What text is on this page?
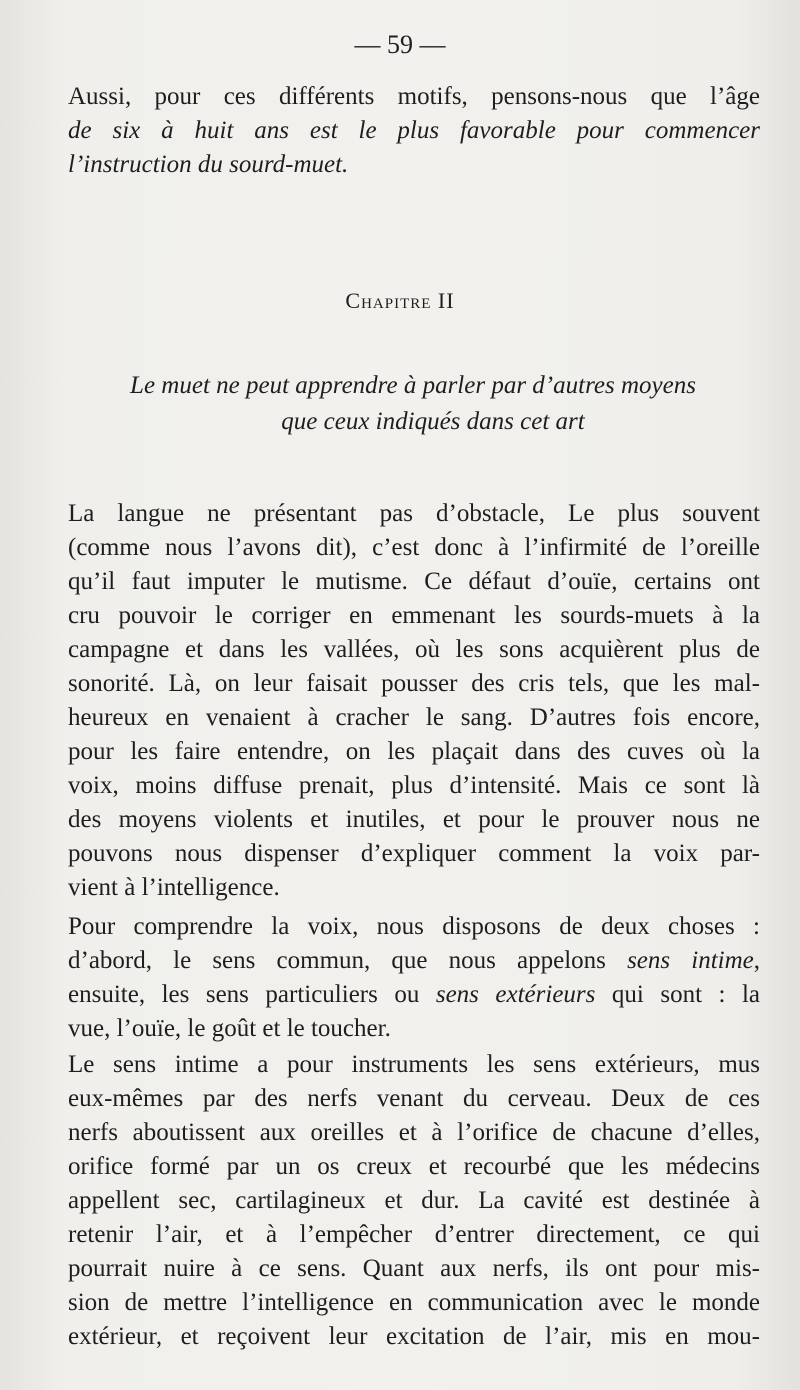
— 59 —
Aussi, pour ces différents motifs, pensons-nous que l’âge
de six à huit ans est le plus favorable pour commencer
l’instruction du sourd-muet.
Chapitre II
Le muet ne peut apprendre à parler par d’autres moyens
que ceux indiqués dans cet art
La langue ne présentant pas d’obstacle, Le plus souvent
(comme nous l’avons dit), c’est donc à l’infirmité de l’oreille
qu’il faut imputer le mutisme. Ce défaut d’ouïe, certains ont
cru pouvoir le corriger en emmenant les sourds-muets à la
campagne et dans les vallées, où les sons acquièrent plus de
sonorité. Là, on leur faisait pousser des cris tels, que les mal-
heureux en venaient à cracher le sang. D’autres fois encore,
pour les faire entendre, on les plaçait dans des cuves où la
voix, moins diffuse prenait, plus d’intensité. Mais ce sont là
des moyens violents et inutiles, et pour le prouver nous ne
pouvons nous dispenser d’expliquer comment la voix par-
vient à l’intelligence.
Pour comprendre la voix, nous disposons de deux choses :
d’abord, le sens commun, que nous appelons sens intime,
ensuite, les sens particuliers ou sens extérieurs qui sont : la
vue, l’ouïe, le goût et le toucher.
Le sens intime a pour instruments les sens extérieurs, mus
eux-mêmes par des nerfs venant du cerveau. Deux de ces
nerfs aboutissent aux oreilles et à l’orifice de chacune d’elles,
orifice formé par un os creux et recourbé que les médecins
appellent sec, cartilagineux et dur. La cavité est destinée à
retenir l’air, et à l’empêcher d’entrer directement, ce qui
pourrait nuire à ce sens. Quant aux nerfs, ils ont pour mis-
sion de mettre l’intelligence en communication avec le monde
extérieur, et reçoivent leur excitation de l’air, mis en mou-
